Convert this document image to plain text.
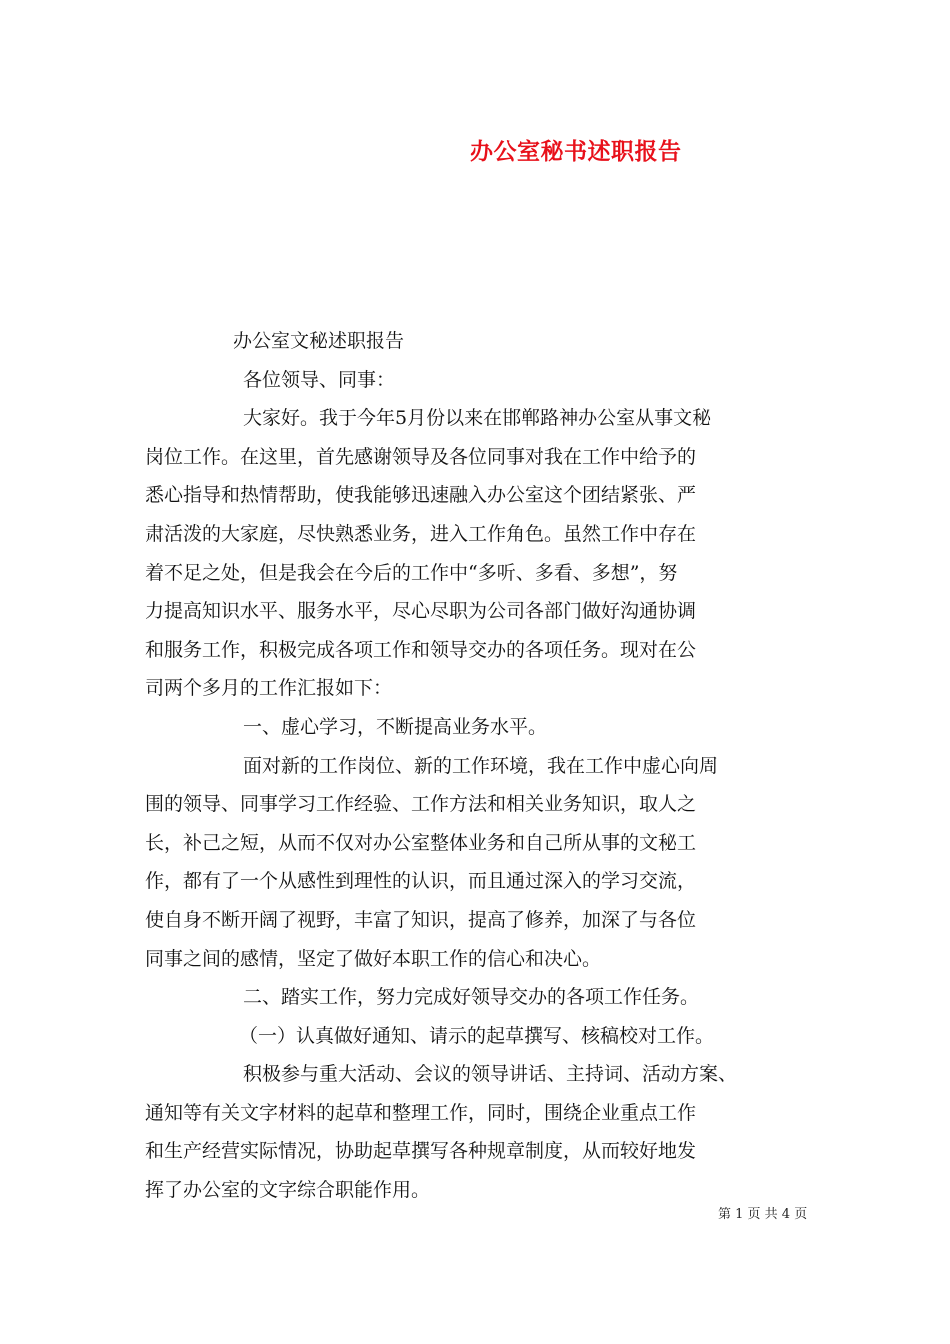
办公室秘书述职报告
办公室文秘述职报告
各位领导、同事：
大家好。我于今年5月份以来在邯郸路神办公室从事文秘
岗位工作。在这里，首先感谢领导及各位同事对我在工作中给予的
悉心指导和热情帮助，使我能够迅速融入办公室这个团结紧张、严
肃活泼的大家庭，尽快熟悉业务，进入工作角色。虽然工作中存在
着不足之处，但是我会在今后的工作中“多听、多看、多想”，努
力提高知识水平、服务水平，尽心尽职为公司各部门做好沟通协调
和服务工作，积极完成各项工作和领导交办的各项任务。现对在公
司两个多月的工作汇报如下：
一、虚心学习，不断提高业务水平。
面对新的工作岗位、新的工作环境，我在工作中虚心向周
围的领导、同事学习工作经验、工作方法和相关业务知识，取人之
长，补己之短，从而不仅对办公室整体业务和自己所从事的文秘工
作，都有了一个从感性到理性的认识，而且通过深入的学习交流，
使自身不断开阔了视野，丰富了知识，提高了修养，加深了与各位
同事之间的感情，坚定了做好本职工作的信心和决心。
二、踏实工作，努力完成好领导交办的各项工作任务。
（一）认真做好通知、请示的起草撰写、核稿校对工作。
积极参与重大活动、会议的领导讲话、主持词、活动方案、
通知等有关文字材料的起草和整理工作，同时，围绕企业重点工作
和生产经营实际情况，协助起草撰写各种规章制度，从而较好地发
挥了办公室的文字综合职能作用。
第 1 页 共 4 页
